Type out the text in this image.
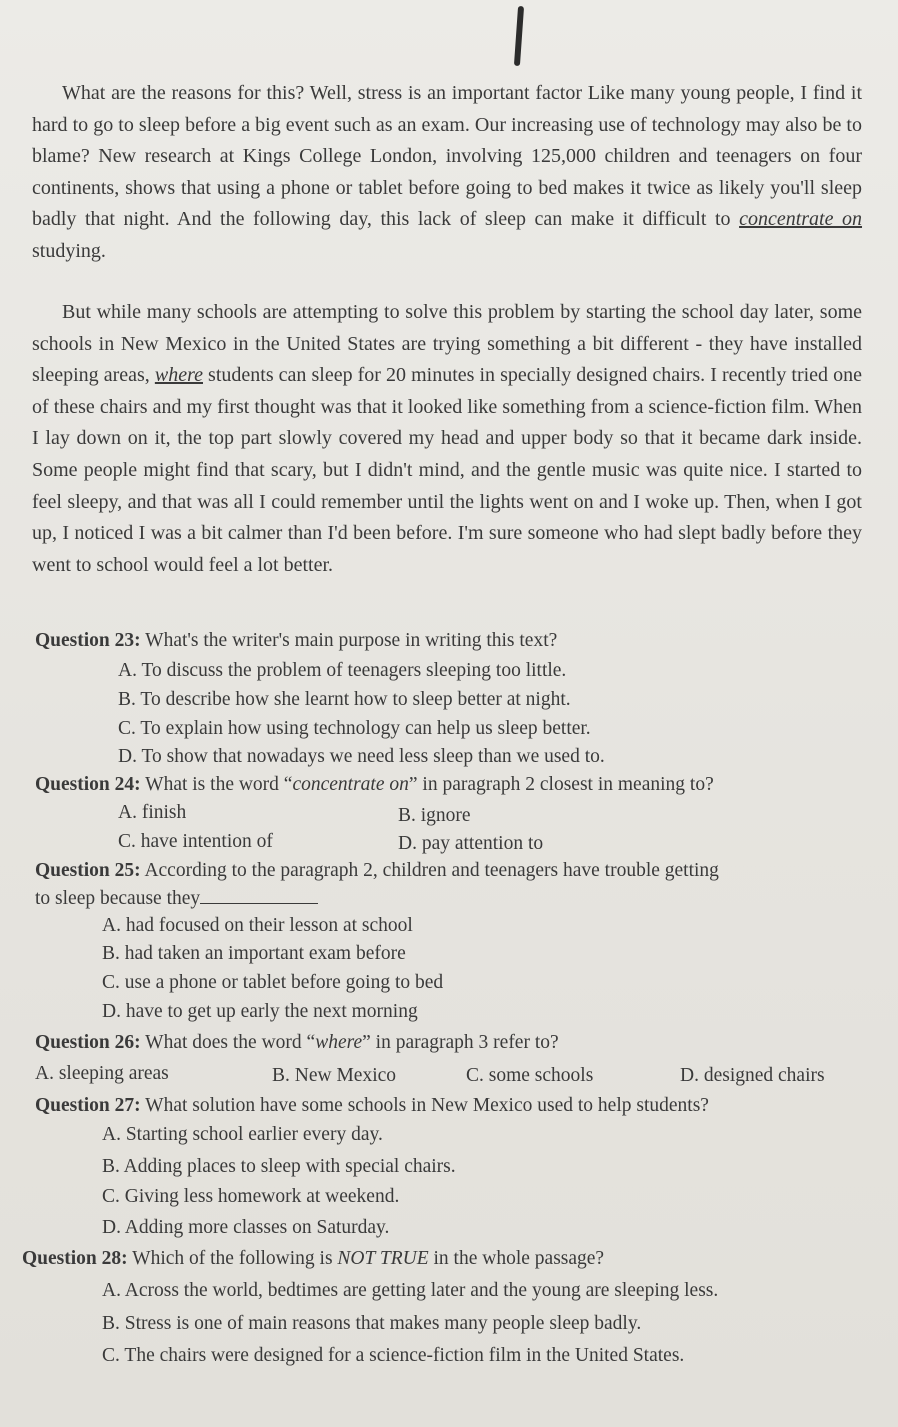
What are the reasons for this? Well, stress is an important factor Like many young people, I find it hard to go to sleep before a big event such as an exam. Our increasing use of technology may also be to blame? New research at Kings College London, involving 125,000 children and teenagers on four continents, shows that using a phone or tablet before going to bed makes it twice as likely you'll sleep badly that night. And the following day, this lack of sleep can make it difficult to concentrate on studying.

But while many schools are attempting to solve this problem by starting the school day later, some schools in New Mexico in the United States are trying something a bit different - they have installed sleeping areas, where students can sleep for 20 minutes in specially designed chairs. I recently tried one of these chairs and my first thought was that it looked like something from a science-fiction film. When I lay down on it, the top part slowly covered my head and upper body so that it became dark inside. Some people might find that scary, but I didn't mind, and the gentle music was quite nice. I started to feel sleepy, and that was all I could remember until the lights went on and I woke up. Then, when I got up, I noticed I was a bit calmer than I'd been before. I'm sure someone who had slept badly before they went to school would feel a lot better.

Question 23: What's the writer's main purpose in writing this text?

A. To discuss the problem of teenagers sleeping too little.

B. To describe how she learnt how to sleep better at night.

C. To explain how using technology can help us sleep better.

D. To show that nowadays we need less sleep than we used to.

Question 24: What is the word “concentrate on” in paragraph 2 closest in meaning to?

A. finish	B. ignore

C. have intention of	D. pay attention to

Question 25: According to the paragraph 2, children and teenagers have trouble getting

to sleep because they

A. had focused on their lesson at school

B. had taken an important exam before

C. use a phone or tablet before going to bed

D. have to get up early the next morning

Question 26: What does the word “where” in paragraph 3 refer to?

A. sleeping areas	B. New Mexico	C. some schools	D. designed chairs

Question 27: What solution have some schools in New Mexico used to help students?

A. Starting school earlier every day.

B. Adding places to sleep with special chairs.

C. Giving less homework at weekend.

D. Adding more classes on Saturday.

Question 28: Which of the following is NOT TRUE in the whole passage?

A. Across the world, bedtimes are getting later and the young are sleeping less.

B. Stress is one of main reasons that makes many people sleep badly.

C. The chairs were designed for a science-fiction film in the United States.
